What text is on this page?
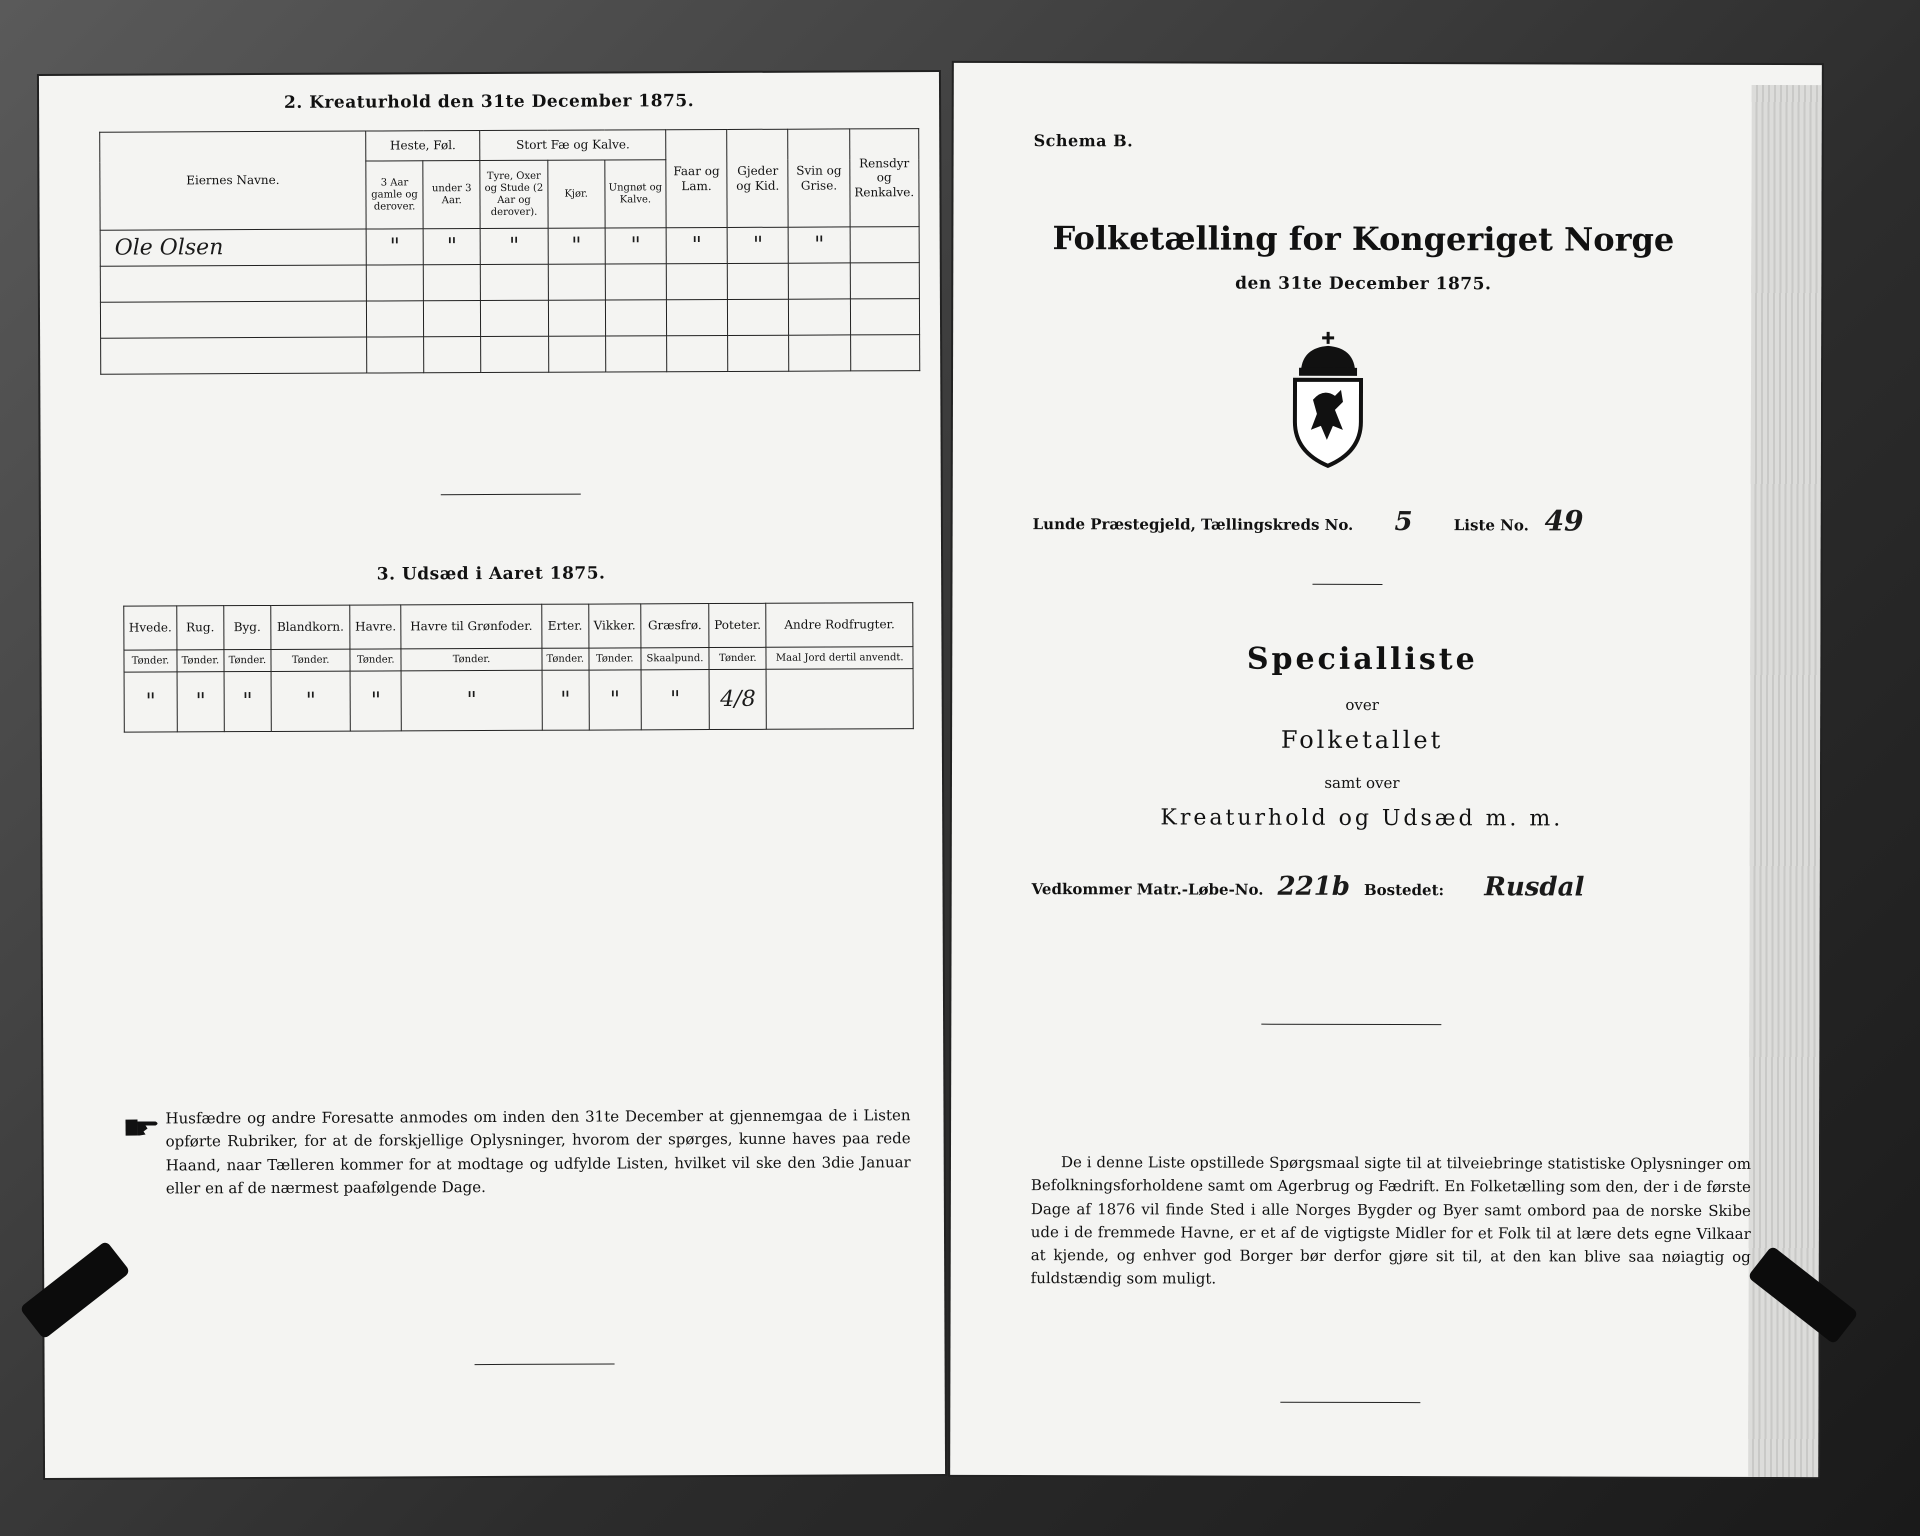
2. Kreaturhold den 31te December 1875.
Eiernes Navne.	Heste, Føl.		Stort Fæ og Kalve.			Faar og Lam.	Gjeder og Kid.	Svin og Grise.	Rensdyr og Renkalve.
	3 Aar gamle og derover.	under 3 Aar.	Tyre, Oxer og Stude (2 Aar og derover).	Kjør.	Ungnøt og Kalve.				
Ole Olsen	"	"	"	"	"	"	"	"	

3. Udsæd i Aaret 1875.
Hvede.	Rug.	Byg.	Blandkorn.	Havre.	Havre til Grønfoder.	Erter.	Vikker.	Græsfrø.	Poteter.	Andre Rodfrugter.
Tønder.	Tønder.	Tønder.	Tønder.	Tønder.	Tønder.	Tønder.	Tønder.	Skaalpund.	Tønder.	Maal Jord dertil anvendt.
"	"	"	"	"	"	"	"	"	4/8	
Husfædre og andre Foresatte anmodes om inden den 31te December at gjennemgaa de i Listen opførte Rubriker, for at de forskjellige Oplysninger, hvorom der spørges, kunne haves paa rede Haand, naar Tælleren kommer for at modtage og udfylde Listen, hvilket vil ske den 3die Januar eller en af de nærmest paafølgende Dage.
Schema B.
Folketælling for Kongeriget Norge
den 31te December 1875.
Lunde Præstegjeld, Tællingskreds No. 5	Liste No. 49
Specialliste
over
Folketallet
samt over
Kreaturhold og Udsæd m. m.
Vedkommer Matr.-Løbe-No. 221b Bostedet: Rusdal
De i denne Liste opstillede Spørgsmaal sigte til at tilveiebringe statistiske Oplysninger om Befolkningsforholdene samt om Agerbrug og Fædrift. En Folketælling som den, der i de første Dage af 1876 vil finde Sted i alle Norges Bygder og Byer samt ombord paa de norske Skibe ude i de fremmede Havne, er et af de vigtigste Midler for et Folk til at lære dets egne Vilkaar at kjende, og enhver god Borger bør derfor gjøre sit til, at den kan blive saa nøiagtig og fuldstændig som muligt.
